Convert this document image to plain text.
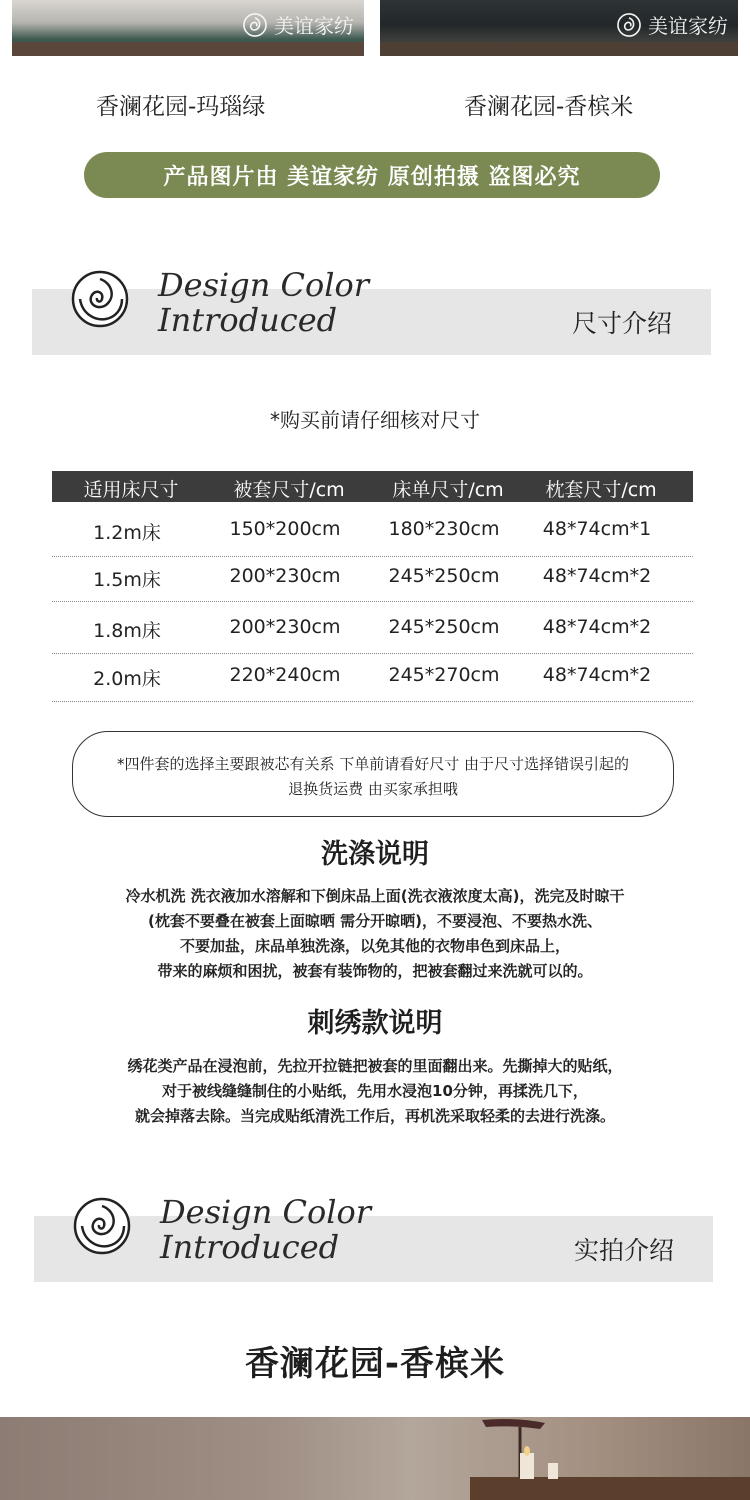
美谊家纺	美谊家纺
香澜花园-玛瑙绿	香澜花园-香槟米
产品图片由 美谊家纺 原创拍摄 盗图必究
Design Color
Introduced	尺寸介绍
*购买前请仔细核对尺寸
适用床尺寸	被套尺寸/cm	床单尺寸/cm	枕套尺寸/cm
1.2m床	150*200cm	180*230cm	48*74cm*1
1.5m床	200*230cm	245*250cm	48*74cm*2
1.8m床	200*230cm	245*250cm	48*74cm*2
2.0m床	220*240cm	245*270cm	48*74cm*2
*四件套的选择主要跟被芯有关系 下单前请看好尺寸 由于尺寸选择错误引起的
退换货运费 由买家承担哦
洗涤说明
冷水机洗 洗衣液加水溶解和下倒床品上面(洗衣液浓度太高)，洗完及时晾干
(枕套不要叠在被套上面晾晒 需分开晾晒)，不要浸泡、不要热水洗、
不要加盐，床品单独洗涤，以免其他的衣物串色到床品上，
带来的麻烦和困扰，被套有装饰物的，把被套翻过来洗就可以的。
刺绣款说明
绣花类产品在浸泡前，先拉开拉链把被套的里面翻出来。先撕掉大的贴纸，
对于被线缝缝制住的小贴纸，先用水浸泡10分钟，再揉洗几下，
就会掉落去除。当完成贴纸清洗工作后，再机洗采取轻柔的去进行洗涤。
Design Color
Introduced	实拍介绍
香澜花园-香槟米
